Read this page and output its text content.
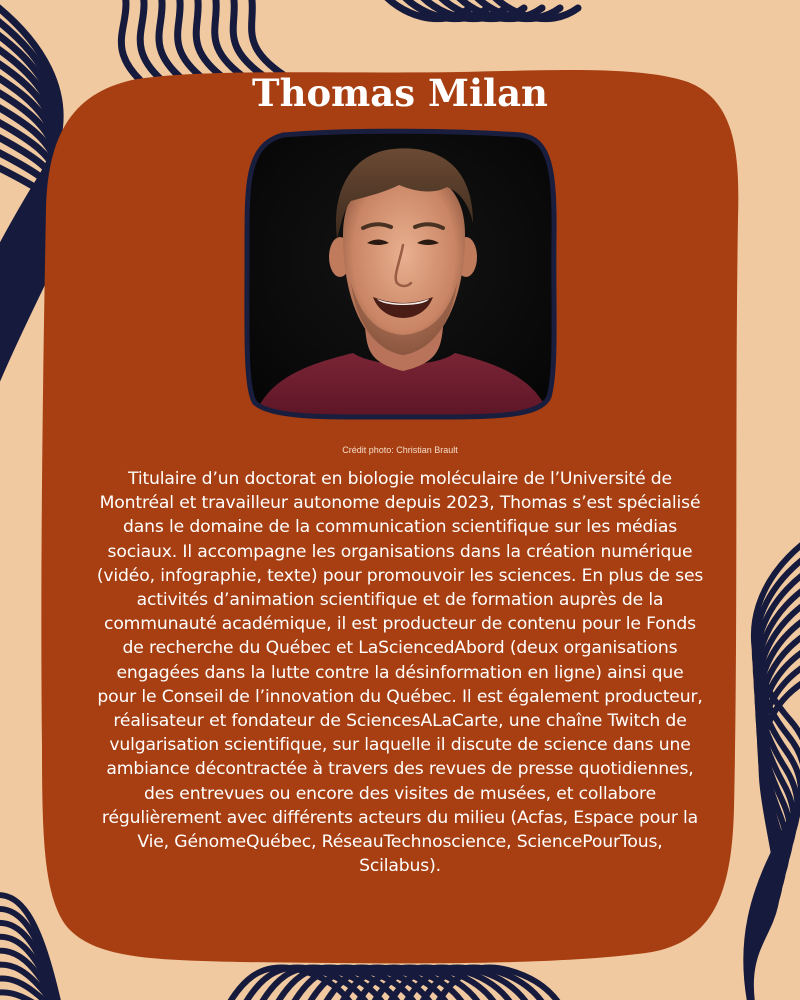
Thomas Milan
Crédit photo: Christian Brault

Titulaire d’un doctorat en biologie moléculaire de l’Université de Montréal et travailleur autonome depuis 2023, Thomas s’est spécialisé dans le domaine de la communication scientifique sur les médias sociaux. Il accompagne les organisations dans la création numérique (vidéo, infographie, texte) pour promouvoir les sciences. En plus de ses activités d’animation scientifique et de formation auprès de la communauté académique, il est producteur de contenu pour le Fonds de recherche du Québec et LaSciencedAbord (deux organisations engagées dans la lutte contre la désinformation en ligne) ainsi que pour le Conseil de l’innovation du Québec. Il est également producteur, réalisateur et fondateur de SciencesALaCarte, une chaîne Twitch de vulgarisation scientifique, sur laquelle il discute de science dans une ambiance décontractée à travers des revues de presse quotidiennes, des entrevues ou encore des visites de musées, et collabore régulièrement avec différents acteurs du milieu (Acfas, Espace pour la Vie, GénomeQuébec, RéseauTechnoscience, SciencePourTous, Scilabus).
